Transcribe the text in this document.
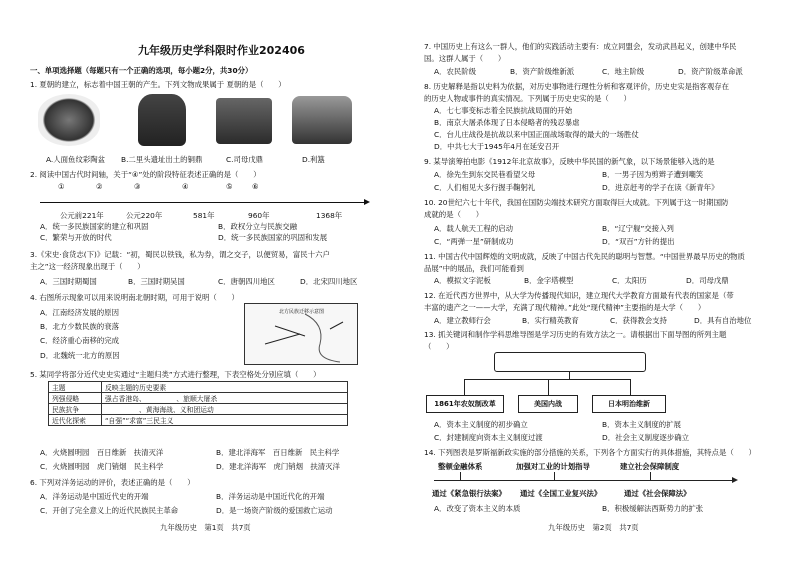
九年级历史学科限时作业202406
一、单项选择题（每题只有一个正确的选项，每小题2分，共30分）
1. 夏朝的建立，标志着中国王朝的产生。下列文物成果属于 夏朝的是（　　）
A.人面鱼纹彩陶盆 B.二里头遗址出土的铜鼎	C.司母戊鼎	D.利簋
2. 阅读中国古代时间轴，关于“④”处的阶段特征表述正确的是（　　）
①	②	③	④	⑤	⑥
公元前221年	公元220年	581年	960年	1368年
A．统一多民族国家的建立和巩固	B．政权分立与民族交融
C．繁荣与开放的时代	D．统一多民族国家的巩固和发展
3.《宋史·食货志(下)》记载：“初，蜀民以铁钱，私为券，谓之交子，以便贸易，富民十六户
主之”这一经济现象出现于（　　）
A．三国时期蜀国	B．三国时期吴国	C．唐朝四川地区	D．北宋四川地区
4. 右图所示现象可以用来说明南北朝时期，可用于说明（　　）
A．江南经济发展的原因
B．北方少数民族的衰落
C．经济重心南移的完成
D．北魏统一北方的原因
北方民族迁移示意图
5. 某同学将部分近代史史实通过“主题归类”方式进行整理，下表空格处分别应填（　　）
主题	反映主题的历史要素
列强侵略	强占香港岛、　　　　　、旅顺大屠杀
民族抗争	　　　　　、黄海海战、义和团运动
近代化探索	“自强”“求富”三民主义
A．火烧圆明园　百日维新　扶清灭洋	B．建北洋海军　百日维新　民主科学
C．火烧圆明园　虎门销烟　民主科学	D．建北洋海军　虎门销烟　扶清灭洋
6. 下列对洋务运动的评价，表述正确的是（　　）
A．洋务运动是中国近代史的开端	B．洋务运动是中国近代化的开端
C．开创了完全意义上的近代民族民主革命	D．是一场资产阶级的爱国救亡运动
九年级历史　第1页　共7页
7. 中国历史上有这么一群人，他们的实践活动主要有：成立同盟会，发动武昌起义，创建中华民
国。这群人属于（　　）
A．农民阶级	B．资产阶级维新派	C．地主阶级	D．资产阶级革命派
8. 历史解释是指以史料为依据，对历史事物进行理性分析和客观评价，历史史实是指客观存在
的历史人物或事件的真实情况。下列属于历史史实的是（　　）
A．七七事变标志着全民族抗战局面的开始
B．南京大屠杀体现了日本侵略者的残忍暴虐
C．台儿庄战役是抗战以来中国正面战场取得的最大的一场胜仗
D．中共七大于1945年4月在延安召开
9. 某导演筹拍电影《1912年北京故事》，反映中华民国的新气象，以下场景能够入选的是
A．徐先生到东交民巷看望父母	B．一男子因为剪辫子遭到嘲笑
C．人们相见大多行握手鞠躬礼	D．进京赶考的学子在读《新青年》
10. 20世纪六七十年代，我国在国防尖端技术研究方面取得巨大成就。下列属于这一时期国防
成就的是（　　）
A．载人航天工程的启动	B．“辽宁舰”交接入列
C．“两弹一星”研制成功	D．“双百”方针的提出
11. 中国古代中国辉煌的文明成就，反映了中国古代先民的聪明与智慧。“中国世界最早历史的物质
品展”中的展品，我们可能看到
A．模拟文字泥板	B．金字塔模型	C．太阳历	D．司母戊鼎
12. 在近代西方世界中，从大学为传播现代知识，建立现代大学教育方面最有代表的国家是（带
丰富的遗产之一——大学，充满了现代精神。”此处“现代精神”主要指的是大学（　　）
A．建立教师行会	B．实行精英教育	C．获得教会支持	D．具有自治地位
13. 抓关键词和制作学科思维导图是学习历史的有效方法之一。请根据出下面导图的所列主题
（　　）
1861年农奴制改革	美国内战	日本明治维新
A．资本主义制度的初步确立	B．资本主义制度的扩展
C．封建制度向资本主义制度过渡	D．社会主义制度逐步确立
14. 下列图表是罗斯福新政实施的部分措施的关系，下列各个方面实行的具体措施，其特点是（　　）
整顿金融体系	加强对工业的计划指导	建立社会保障制度
通过《紧急银行法案》 通过《全国工业复兴法》	通过《社会保障法》
A．改变了资本主义的本质	B．积极缓解法西斯势力的扩张
九年级历史　第2页　共7页
